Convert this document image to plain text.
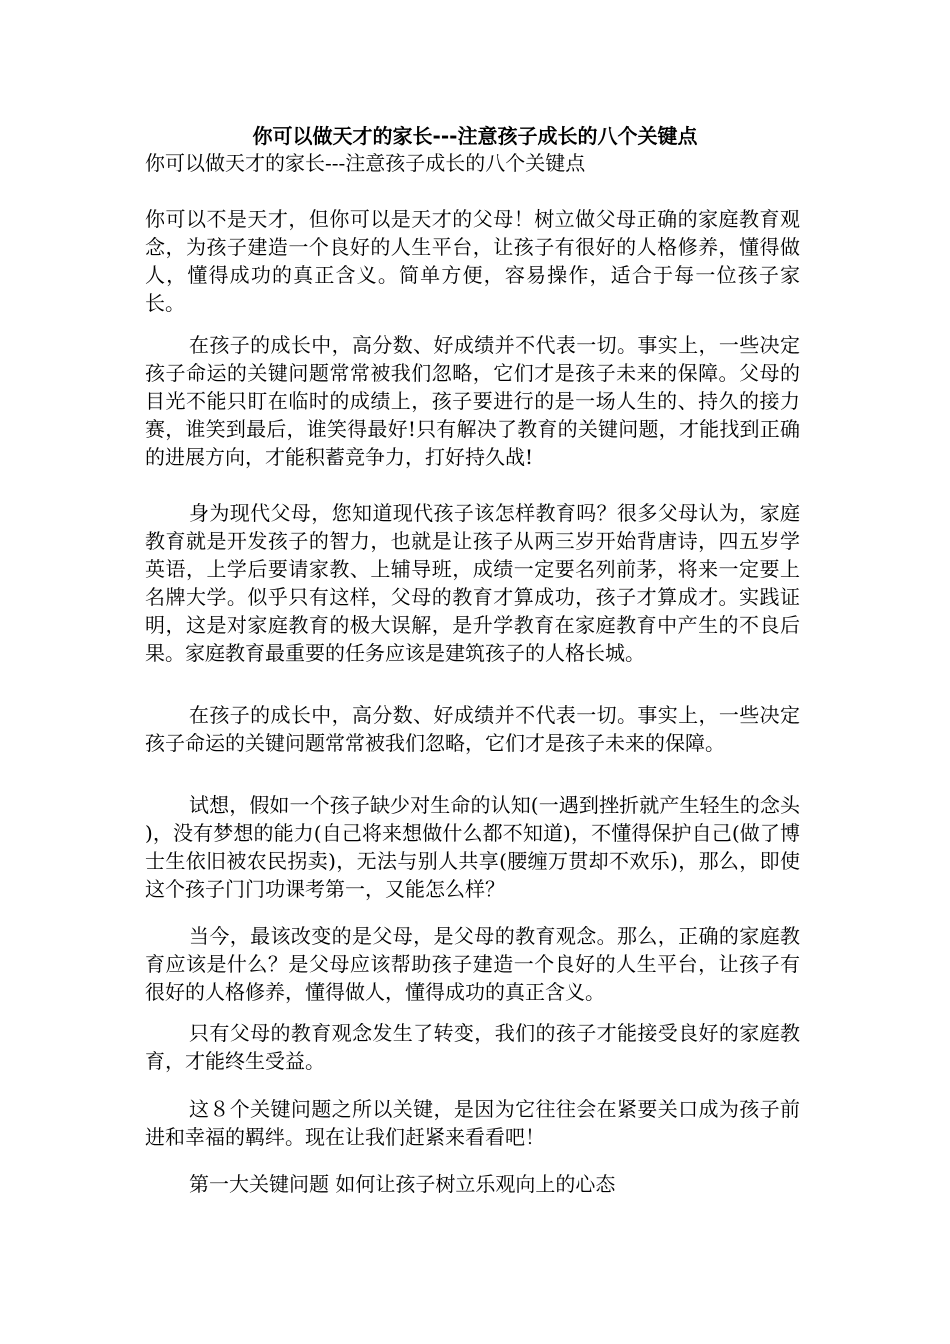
你可以做天才的家长---注意孩子成长的八个关键点

你可以做天才的家长---注意孩子成长的八个关键点

你可以不是天才，但你可以是天才的父母！树立做父母正确的家庭教育观念，为孩子建造一个良好的人生平台，让孩子有很好的人格修养，懂得做人，懂得成功的真正含义。简单方便，容易操作，适合于每一位孩子家长。

在孩子的成长中，高分数、好成绩并不代表一切。事实上，一些决定孩子命运的关键问题常常被我们忽略，它们才是孩子未来的保障。父母的目光不能只盯在临时的成绩上，孩子要进行的是一场人生的、持久的接力赛，谁笑到最后，谁笑得最好!只有解决了教育的关键问题，才能找到正确的进展方向，才能积蓄竞争力，打好持久战!

身为现代父母，您知道现代孩子该怎样教育吗？很多父母认为，家庭教育就是开发孩子的智力，也就是让孩子从两三岁开始背唐诗，四五岁学英语，上学后要请家教、上辅导班，成绩一定要名列前茅，将来一定要上名牌大学。似乎只有这样，父母的教育才算成功，孩子才算成才。实践证明，这是对家庭教育的极大误解，是升学教育在家庭教育中产生的不良后果。家庭教育最重要的任务应该是建筑孩子的人格长城。

在孩子的成长中，高分数、好成绩并不代表一切。事实上，一些决定孩子命运的关键问题常常被我们忽略，它们才是孩子未来的保障。

试想，假如一个孩子缺少对生命的认知(一遇到挫折就产生轻生的念头 )，没有梦想的能力(自己将来想做什么都不知道)，不懂得保护自己(做了博士生依旧被农民拐卖)，无法与别人共享(腰缠万贯却不欢乐)，那么，即使这个孩子门门功课考第一，又能怎么样？

当今，最该改变的是父母，是父母的教育观念。那么，正确的家庭教育应该是什么？是父母应该帮助孩子建造一个良好的人生平台，让孩子有很好的人格修养，懂得做人，懂得成功的真正含义。

只有父母的教育观念发生了转变，我们的孩子才能接受良好的家庭教育，才能终生受益。

这８个关键问题之所以关键，是因为它往往会在紧要关口成为孩子前进和幸福的羁绊。现在让我们赶紧来看看吧！

第一大关键问题 如何让孩子树立乐观向上的心态
